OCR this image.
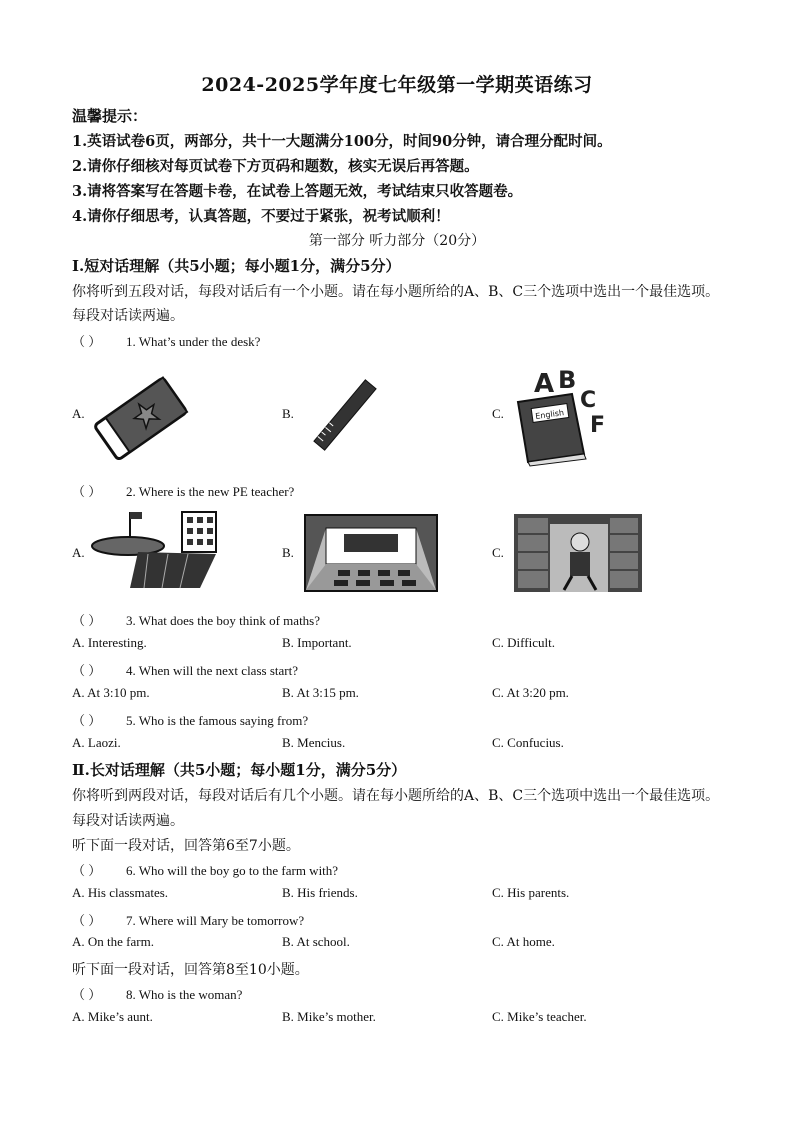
2024-2025学年度七年级第一学期英语练习
温馨提示：
1.英语试卷6页，两部分，共十一大题满分100分，时间90分钟，请合理分配时间。
2.请你仔细核对每页试卷下方页码和题数，核实无误后再答题。
3.请将答案写在答题卡卷，在试卷上答题无效，考试结束只收答题卷。
4.请你仔细思考，认真答题，不要过于紧张，祝考试顺利！
第一部分 听力部分（20分）
Ⅰ.短对话理解（共5小题；每小题1分，满分5分）
你将听到五段对话，每段对话后有一个小题。请在每小题所给的A、B、C三个选项中选出一个最佳选项。
每段对话读两遍。
（ ） 1. What’s under the desk?
A.	B.	C.
A B
C
F
English
（ ） 2. Where is the new PE teacher?
A.	B.	C.
（ ） 3. What does the boy think of maths?
A. Interesting.	B. Important.	C. Difficult.
（ ） 4. When will the next class start?
A. At 3:10 pm.	B. At 3:15 pm.	C. At 3:20 pm.
（ ） 5. Who is the famous saying from?
A. Laozi.	B. Mencius.	C. Confucius.
Ⅱ.长对话理解（共5小题；每小题1分，满分5分）
你将听到两段对话，每段对话后有几个小题。请在每小题所给的A、B、C三个选项中选出一个最佳选项。
每段对话读两遍。
听下面一段对话，回答第6至7小题。
（ ） 6. Who will the boy go to the farm with?
A. His classmates.	B. His friends.	C. His parents.
（ ） 7. Where will Mary be tomorrow?
A. On the farm.	B. At school.	C. At home.
听下面一段对话，回答第8至10小题。
（ ） 8. Who is the woman?
A. Mike’s aunt.	B. Mike’s mother.	C. Mike’s teacher.
